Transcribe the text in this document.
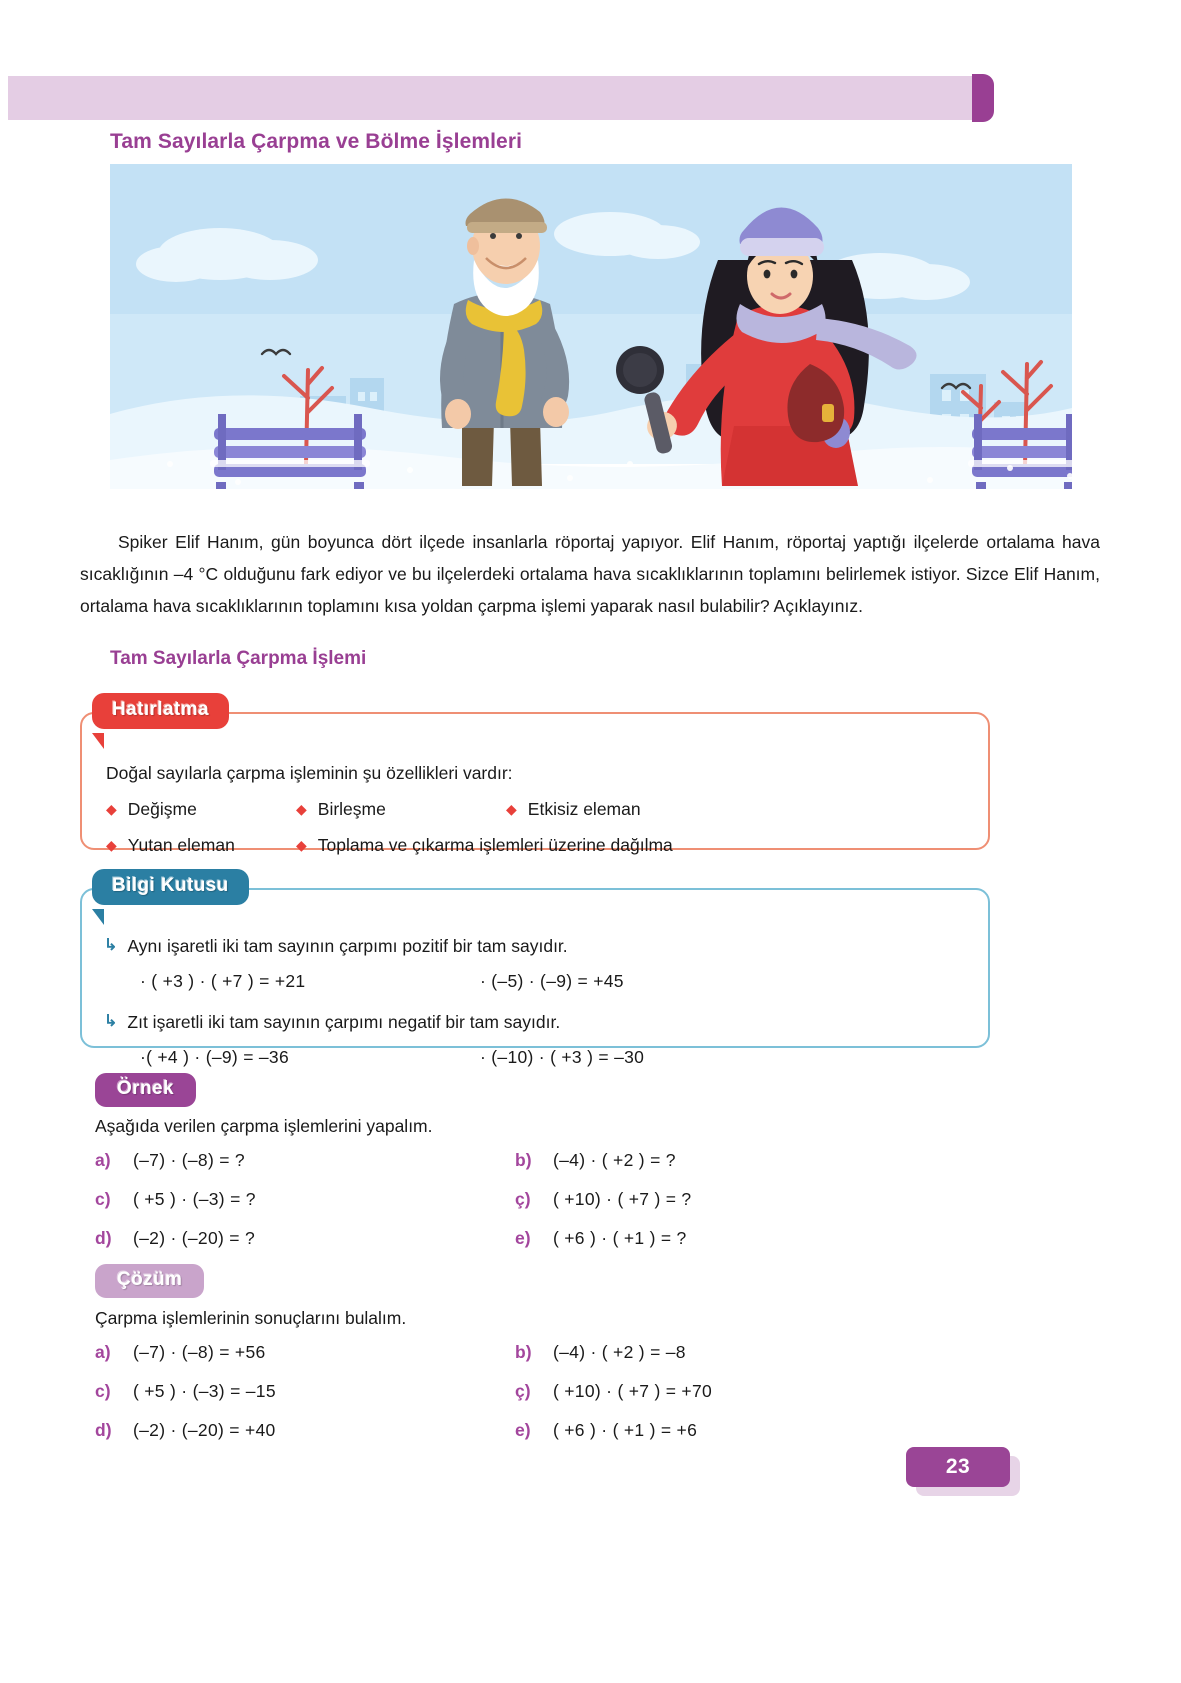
Tam Sayılarla Çarpma ve Bölme İşlemleri

Spiker Elif Hanım, gün boyunca dört ilçede insanlarla röportaj yapıyor. Elif Hanım, röportaj yaptığı ilçelerde ortalama hava sıcaklığının –4 °C olduğunu fark ediyor ve bu ilçelerdeki ortalama hava sıcaklıklarının toplamını belirlemek istiyor. Sizce Elif Hanım, ortalama hava sıcaklıklarının toplamını kısa yoldan çarpma işlemi yaparak nasıl bulabilir? Açıklayınız.

Tam Sayılarla Çarpma İşlemi
Hatırlatma
Doğal sayılarla çarpma işleminin şu özellikleri vardır:
◆ Değişme	◆ Birleşme	◆ Etkisiz eleman
◆ Yutan eleman	◆ Toplama ve çıkarma işlemleri üzerine dağılma
Bilgi Kutusu
↳ Aynı işaretli iki tam sayının çarpımı pozitif bir tam sayıdır.
· ( +3 ) · ( +7 ) = +21	· (–5) · (–9) = +45
↳ Zıt işaretli iki tam sayının çarpımı negatif bir tam sayıdır.
·( +4 ) · (–9) = –36	· (–10) · ( +3 ) = –30
Örnek
Aşağıda verilen çarpma işlemlerini yapalım.
a)	(–7) · (–8) = ?	b)	(–4) · ( +2 ) = ?
c)	( +5 ) · (–3) = ?	ç)	( +10) · ( +7 ) = ?
d)	(–2) · (–20) = ?	e)	( +6 ) · ( +1 ) = ?
Çözüm
Çarpma işlemlerinin sonuçlarını bulalım.
a)	(–7) · (–8) = +56	b)	(–4) · ( +2 ) = –8
c)	( +5 ) · (–3) = –15	ç)	( +10) · ( +7 ) = +70
d)	(–2) · (–20) = +40	e)	( +6 ) · ( +1 ) = +6
23
